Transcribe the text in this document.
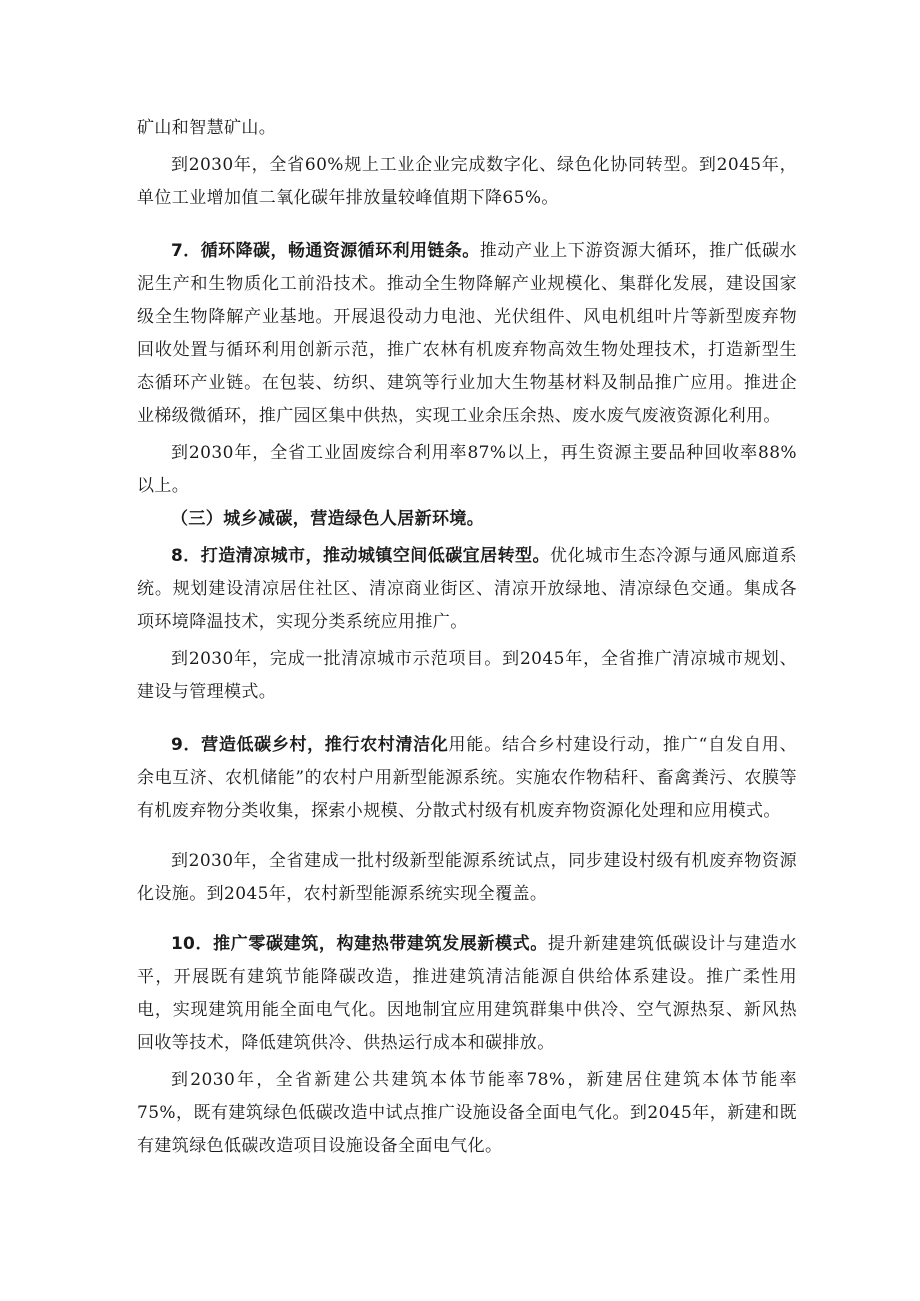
矿山和智慧矿山。

到2030年，全省60%规上工业企业完成数字化、绿色化协同转型。到2045年，单位工业增加值二氧化碳年排放量较峰值期下降65%。

7．循环降碳，畅通资源循环利用链条。推动产业上下游资源大循环，推广低碳水泥生产和生物质化工前沿技术。推动全生物降解产业规模化、集群化发展，建设国家级全生物降解产业基地。开展退役动力电池、光伏组件、风电机组叶片等新型废弃物回收处置与循环利用创新示范，推广农林有机废弃物高效生物处理技术，打造新型生态循环产业链。在包装、纺织、建筑等行业加大生物基材料及制品推广应用。推进企业梯级微循环，推广园区集中供热，实现工业余压余热、废水废气废液资源化利用。

到2030年，全省工业固废综合利用率87%以上，再生资源主要品种回收率88%以上。

（三）城乡减碳，营造绿色人居新环境。

8．打造清凉城市，推动城镇空间低碳宜居转型。优化城市生态冷源与通风廊道系统。规划建设清凉居住社区、清凉商业街区、清凉开放绿地、清凉绿色交通。集成各项环境降温技术，实现分类系统应用推广。

到2030年，完成一批清凉城市示范项目。到2045年，全省推广清凉城市规划、建设与管理模式。

9．营造低碳乡村，推行农村清洁化用能。结合乡村建设行动，推广“自发自用、余电互济、农机储能”的农村户用新型能源系统。实施农作物秸秆、畜禽粪污、农膜等有机废弃物分类收集，探索小规模、分散式村级有机废弃物资源化处理和应用模式。

到2030年，全省建成一批村级新型能源系统试点，同步建设村级有机废弃物资源化设施。到2045年，农村新型能源系统实现全覆盖。

10．推广零碳建筑，构建热带建筑发展新模式。提升新建建筑低碳设计与建造水平，开展既有建筑节能降碳改造，推进建筑清洁能源自供给体系建设。推广柔性用电，实现建筑用能全面电气化。因地制宜应用建筑群集中供冷、空气源热泵、新风热回收等技术，降低建筑供冷、供热运行成本和碳排放。

到2030年，全省新建公共建筑本体节能率78%，新建居住建筑本体节能率75%，既有建筑绿色低碳改造中试点推广设施设备全面电气化。到2045年，新建和既有建筑绿色低碳改造项目设施设备全面电气化。
